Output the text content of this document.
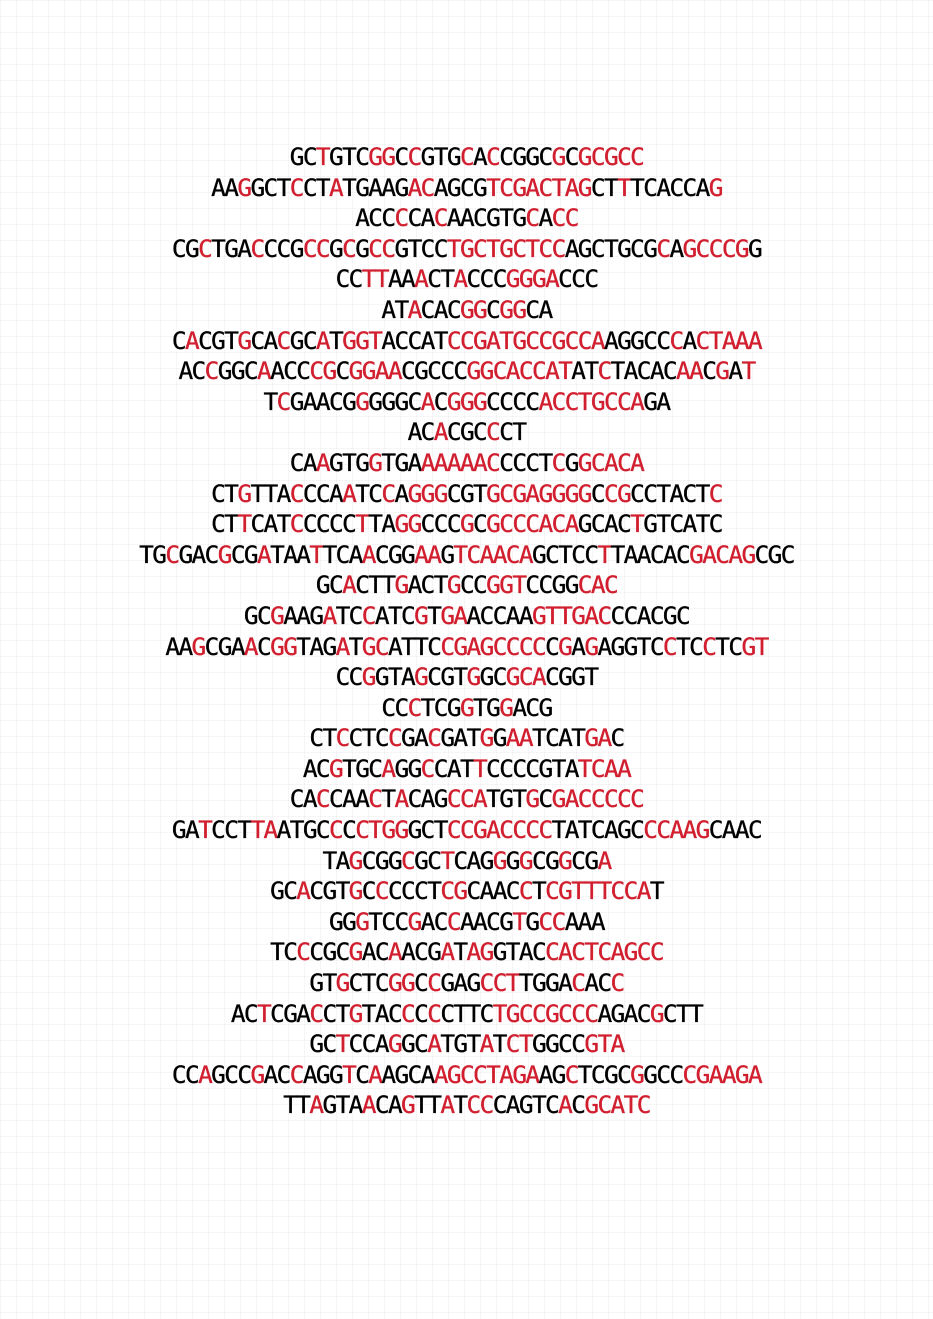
GCTGTCGGCCGTGCACCGGCGCGCGCC
AAGGCTCCTATGAAGACAGCGTCGACTAGCTTTCACCAG
ACCCCACAACGTGCACC
CGCTGACCCGCCGCGCCGTCCTGCTGCTCCAGCTGCGCAGCCCGG
CCTTAAACTACCCGGGACCC
ATACACGGCGGCA
CACGTGCACGCATGGTACCATCCGATGCCGCCAAGGCCCACTAAA
ACCGGCAACCCGCGGAACGCCCGGCACCATATCTACACAACGAT
TCGAACGGGGGCACGGGCCCCACCTGCCAGA
ACACGCCCT
CAAGTGGTGAAAAAACCCCTCGGCACA
CTGTTACCCAATCCAGGGCGTGCGAGGGGCCGCCTACTC
CTTCATCCCCCTTAGGCCCGCGCCCACAGCACTGTCATC
TGCGACGCGATAATTCAACGGAAGTCAACAGCTCCTTAACACGACAGCGC
GCACTTGACTGCCGGTCCGGCAC
GCGAAGATCCATCGTGAACCAAGTTGACCCACGC
AAGCGAACGGTAGATGCATTCCGAGCCCCCGAGAGGTCCTCCTCGT
CCGGTAGCGTGGCGCACGGT
CCCTCGGTGGACG
CTCCTCCGACGATGGAATCATGAC
ACGTGCAGGCCATTCCCCGTATCAA
CACCAACTACAGCCATGTGCGACCCCC
GATCCTTAATGCCCCTGGGCTCCGACCCCTATCAGCCCAAGCAAC
TAGCGGCGCTCAGGGGCGGCGA
GCACGTGCCCCCTCGCAACCTCGTTTCCAT
GGGTCCGACCAACGTGCCAAA
TCCCGCGACAACGATAGGTACCACTCAGCC
GTGCTCGGCCGAGCCTTGGACACC
ACTCGACCTGTACCCCCTTCTGCCGCCCAGACGCTT
GCTCCAGGCATGTATCTGGCCGTA
CCAGCCGACCAGGTCAAGCAAGCCTAGAAGCTCGCGGCCCGAAGA
TTAGTAACAGTTATCCCAGTCACGCATC
